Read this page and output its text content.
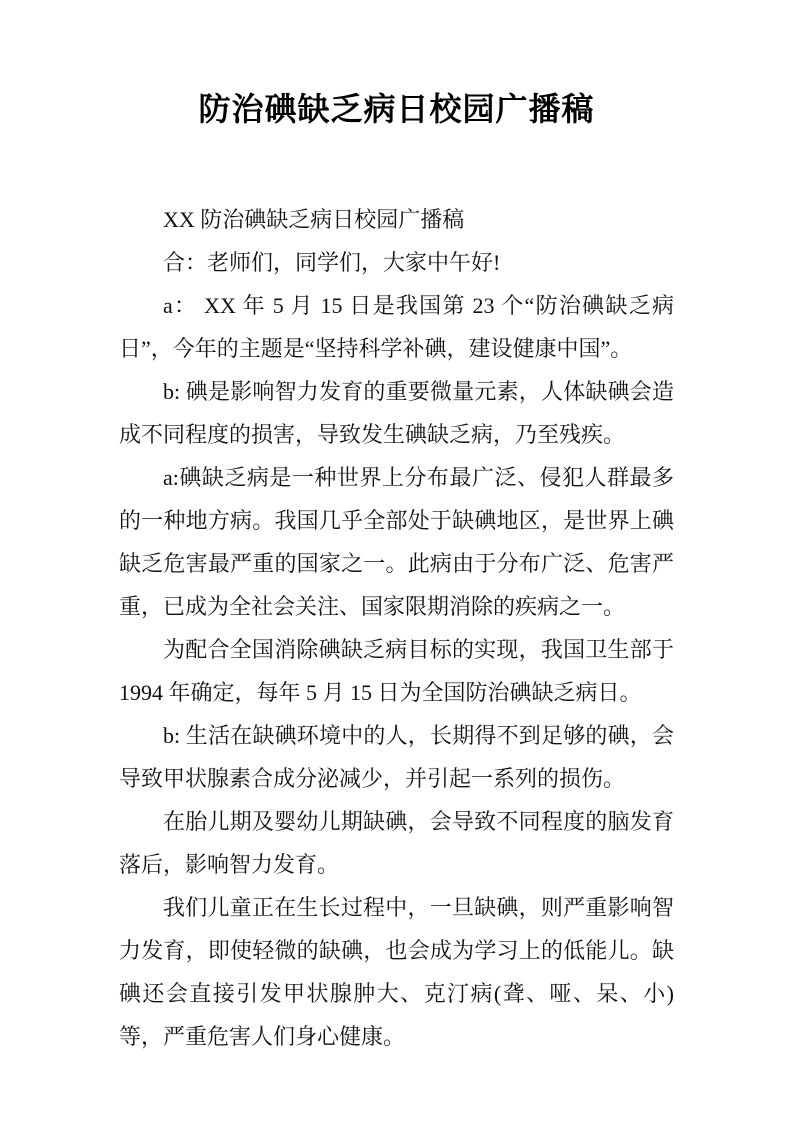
防治碘缺乏病日校园广播稿

XX 防治碘缺乏病日校园广播稿

合：老师们，同学们，大家中午好!

a： XX 年 5 月 15 日是我国第 23 个“防治碘缺乏病日”，今年的主题是“坚持科学补碘，建设健康中国”。

b: 碘是影响智力发育的重要微量元素，人体缺碘会造成不同程度的损害，导致发生碘缺乏病，乃至残疾。

a:碘缺乏病是一种世界上分布最广泛、侵犯人群最多的一种地方病。我国几乎全部处于缺碘地区，是世界上碘缺乏危害最严重的国家之一。此病由于分布广泛、危害严重，已成为全社会关注、国家限期消除的疾病之一。

为配合全国消除碘缺乏病目标的实现，我国卫生部于 1994 年确定，每年 5 月 15 日为全国防治碘缺乏病日。

b: 生活在缺碘环境中的人，长期得不到足够的碘，会导致甲状腺素合成分泌减少，并引起一系列的损伤。

在胎儿期及婴幼儿期缺碘，会导致不同程度的脑发育落后，影响智力发育。

我们儿童正在生长过程中，一旦缺碘，则严重影响智力发育，即使轻微的缺碘，也会成为学习上的低能儿。缺碘还会直接引发甲状腺肿大、克汀病(聋、哑、呆、小)等，严重危害人们身心健康。
